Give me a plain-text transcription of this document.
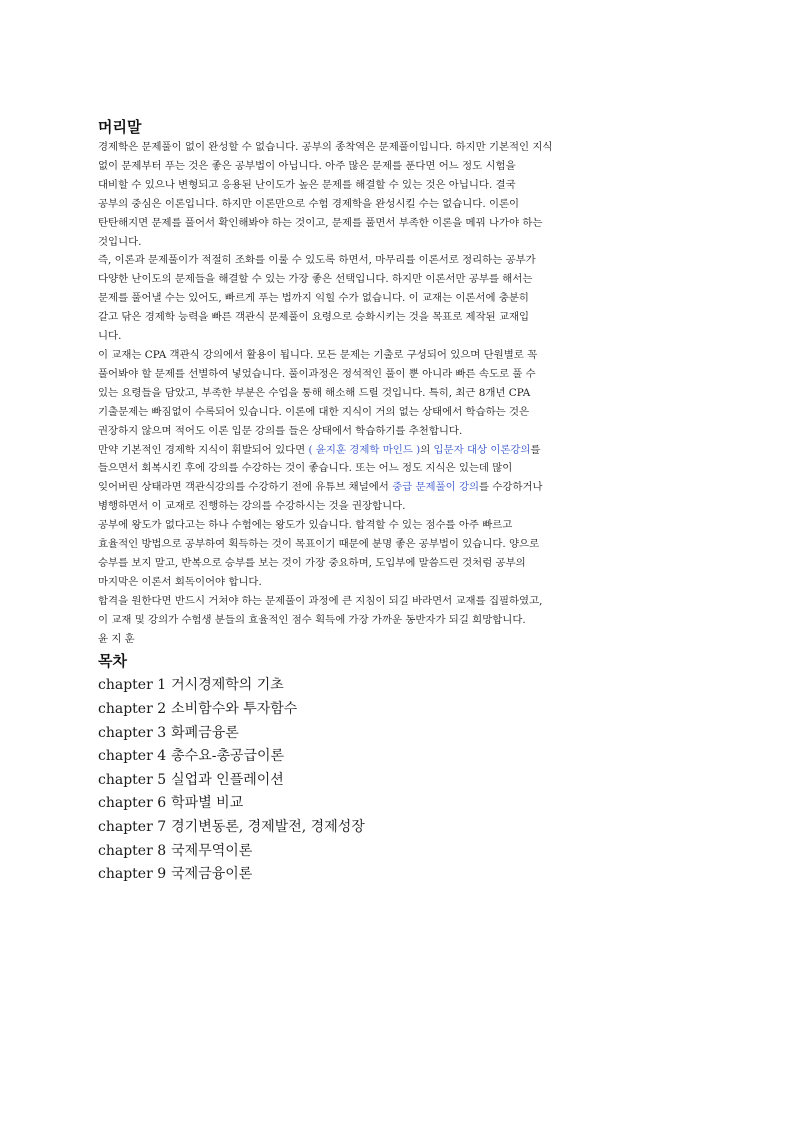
머리말
경제학은 문제풀이 없이 완성할 수 없습니다. 공부의 종착역은 문제풀이입니다. 하지만 기본적인 지식
없이 문제부터 푸는 것은 좋은 공부법이 아닙니다. 아주 많은 문제를 푼다면 어느 정도 시험을
대비할 수 있으나 변형되고 응용된 난이도가 높은 문제를 해결할 수 있는 것은 아닙니다. 결국
공부의 중심은 이론입니다. 하지만 이론만으로 수험 경제학을 완성시킬 수는 없습니다. 이론이
탄탄해지면 문제를 풀어서 확인해봐야 하는 것이고, 문제를 풀면서 부족한 이론을 메꿔 나가야 하는
것입니다.
즉, 이론과 문제풀이가 적절히 조화를 이룰 수 있도록 하면서, 마무리를 이론서로 정리하는 공부가
다양한 난이도의 문제들을 해결할 수 있는 가장 좋은 선택입니다. 하지만 이론서만 공부를 해서는
문제를 풀어낼 수는 있어도, 빠르게 푸는 법까지 익힐 수가 없습니다. 이 교재는 이론서에 충분히
갈고 닦은 경제학 능력을 빠른 객관식 문제풀이 요령으로 승화시키는 것을 목표로 제작된 교재입
니다.
이 교재는 CPA 객관식 강의에서 활용이 됩니다. 모든 문제는 기출로 구성되어 있으며 단원별로 꼭
풀어봐야 할 문제를 선별하여 넣었습니다. 풀이과정은 정석적인 풀이 뿐 아니라 빠른 속도로 풀 수
있는 요령들을 담았고, 부족한 부분은 수업을 통해 해소해 드릴 것입니다. 특히, 최근 8개년 CPA
기출문제는 빠짐없이 수록되어 있습니다. 이론에 대한 지식이 거의 없는 상태에서 학습하는 것은
권장하지 않으며 적어도 이론 입문 강의를 들은 상태에서 학습하기를 추천합니다.
만약 기본적인 경제학 지식이 휘발되어 있다면 ( 윤지훈 경제학 마인드 )의 입문자 대상 이론강의를
들으면서 회복시킨 후에 강의를 수강하는 것이 좋습니다. 또는 어느 정도 지식은 있는데 많이
잊어버린 상태라면 객관식강의를 수강하기 전에 유튜브 채널에서 중급 문제풀이 강의를 수강하거나
병행하면서 이 교재로 진행하는 강의를 수강하시는 것을 권장합니다.
공부에 왕도가 없다고는 하나 수험에는 왕도가 있습니다. 합격할 수 있는 점수를 아주 빠르고
효율적인 방법으로 공부하여 획득하는 것이 목표이기 때문에 분명 좋은 공부법이 있습니다. 양으로
승부를 보지 말고, 반복으로 승부를 보는 것이 가장 중요하며, 도입부에 말씀드린 것처럼 공부의
마지막은 이론서 회독이어야 합니다.
합격을 원한다면 반드시 거쳐야 하는 문제풀이 과정에 큰 지침이 되길 바라면서 교재를 집필하였고,
이 교재 및 강의가 수험생 분들의 효율적인 점수 획득에 가장 가까운 동반자가 되길 희망합니다.
윤 지 훈
목차
chapter 1 거시경제학의 기초
chapter 2 소비함수와 투자함수
chapter 3 화폐금융론
chapter 4 총수요-총공급이론
chapter 5 실업과 인플레이션
chapter 6 학파별 비교
chapter 7 경기변동론, 경제발전, 경제성장
chapter 8 국제무역이론
chapter 9 국제금융이론
